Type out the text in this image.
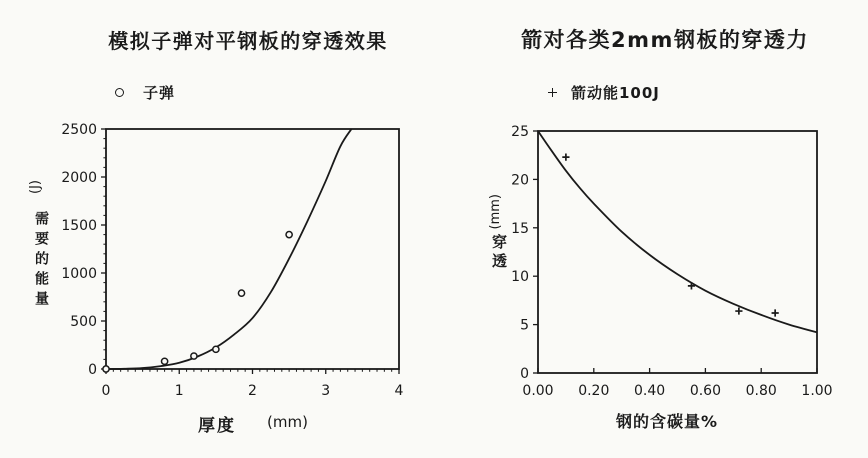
0
500
1000
1500
2000
2500
0	1	2	3	4
0
5
10
15
20
25
0.00 0.20 0.40 0.60 0.80 1.00
模拟子弹对平钢板的穿透效果	箭对各类2mm钢板的穿透力
子弹	箭动能100J
(J)
需要的能量	(mm)
穿透
厚度 (mm)	钢的含碳量%
